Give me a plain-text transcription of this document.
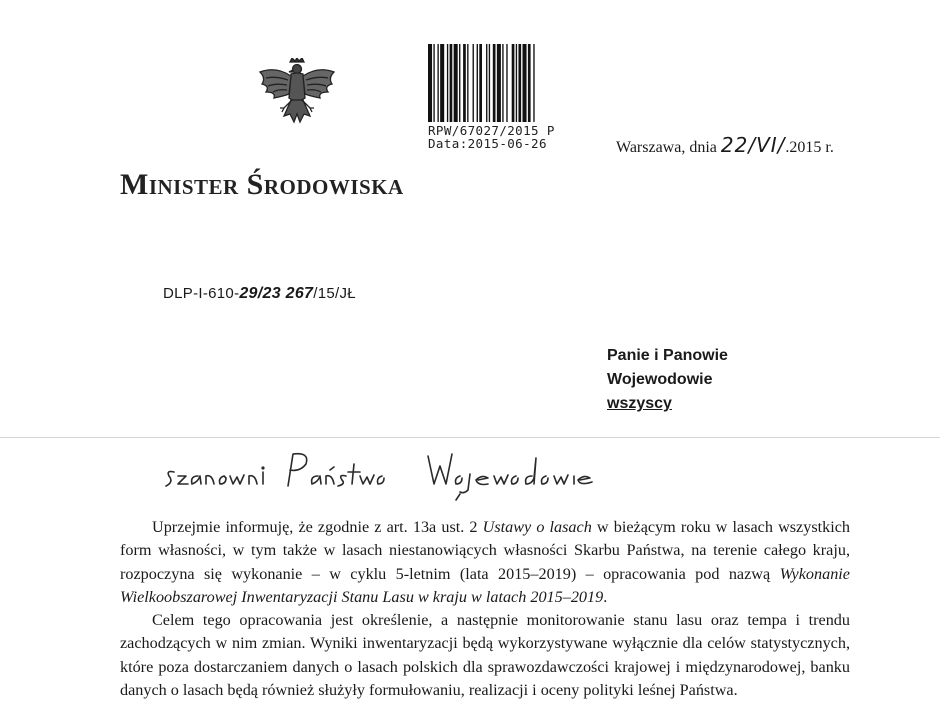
RPW/67027/2015 P
Data:2015-06-26	Warszawa, dnia 22/VI/.2015 r.
Minister Środowiska
DLP-I-610-29/23 267/15/JŁ
Panie i Panowie
Wojewodowie
wszyscy
Uprzejmie informuję, że zgodnie z art. 13a ust. 2 Ustawy o lasach w bieżącym roku w lasach wszystkich form własności, w tym także w lasach niestanowiących własności Skarbu Państwa, na terenie całego kraju, rozpoczyna się wykonanie – w cyklu 5-letnim (lata 2015–2019) – opracowania pod nazwą Wykonanie Wielkoobszarowej Inwentaryzacji Stanu Lasu w kraju w latach 2015–2019.
Celem tego opracowania jest określenie, a następnie monitorowanie stanu lasu oraz tempa i trendu zachodzących w nim zmian. Wyniki inwentaryzacji będą wykorzystywane wyłącznie dla celów statystycznych, które poza dostarczaniem danych o lasach polskich dla sprawozdawczości krajowej i międzynarodowej, banku danych o lasach będą również służyły formułowaniu, realizacji i oceny polityki leśnej Państwa.
